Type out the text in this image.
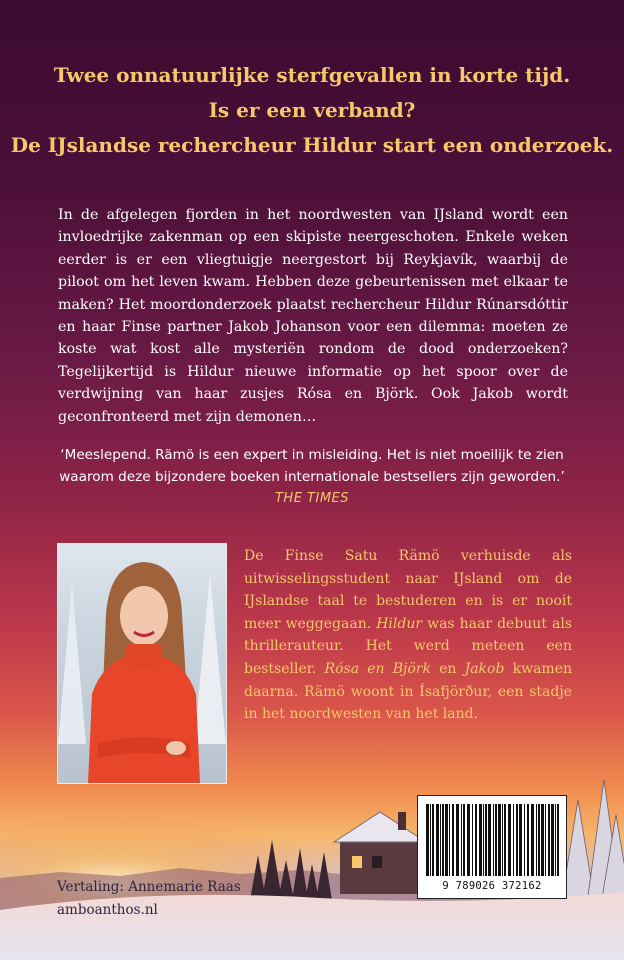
Twee onnatuurlijke sterfgevallen in korte tijd.
Is er een verband?
De IJslandse rechercheur Hildur start een onderzoek.
In de afgelegen fjorden in het noordwesten van IJsland wordt een invloedrijke zakenman op een skipiste neergeschoten. Enkele weken eerder is er een vliegtuigje neergestort bij Reykjavík, waarbij de piloot om het leven kwam. Hebben deze gebeurtenissen met elkaar te maken? Het moordonderzoek plaatst rechercheur Hildur Rúnarsdóttir en haar Finse partner Jakob Johanson voor een dilemma: moeten ze koste wat kost alle mysteriën rondom de dood onderzoeken? Tegelijkertijd is Hildur nieuwe informatie op het spoor over de verdwijning van haar zusjes Rósa en Björk. Ook Jakob wordt geconfronteerd met zijn demonen…
‘Meeslepend. Rämö is een expert in misleiding. Het is niet moeilijk te zien waarom deze bijzondere boeken internationale bestsellers zijn geworden.’
THE TIMES
De Finse Satu Rämö verhuisde als uitwisselingsstudent naar IJsland om de IJslandse taal te bestuderen en is er nooit meer weggegaan. Hildur was haar debuut als thrillerauteur. Het werd meteen een bestseller. Rósa en Björk en Jakob kwamen daarna. Rämö woont in Ísafjörður, een stadje in het noordwesten van het land.
Vertaling: Annemarie Raas
amboanthos.nl
9 789026 372162
